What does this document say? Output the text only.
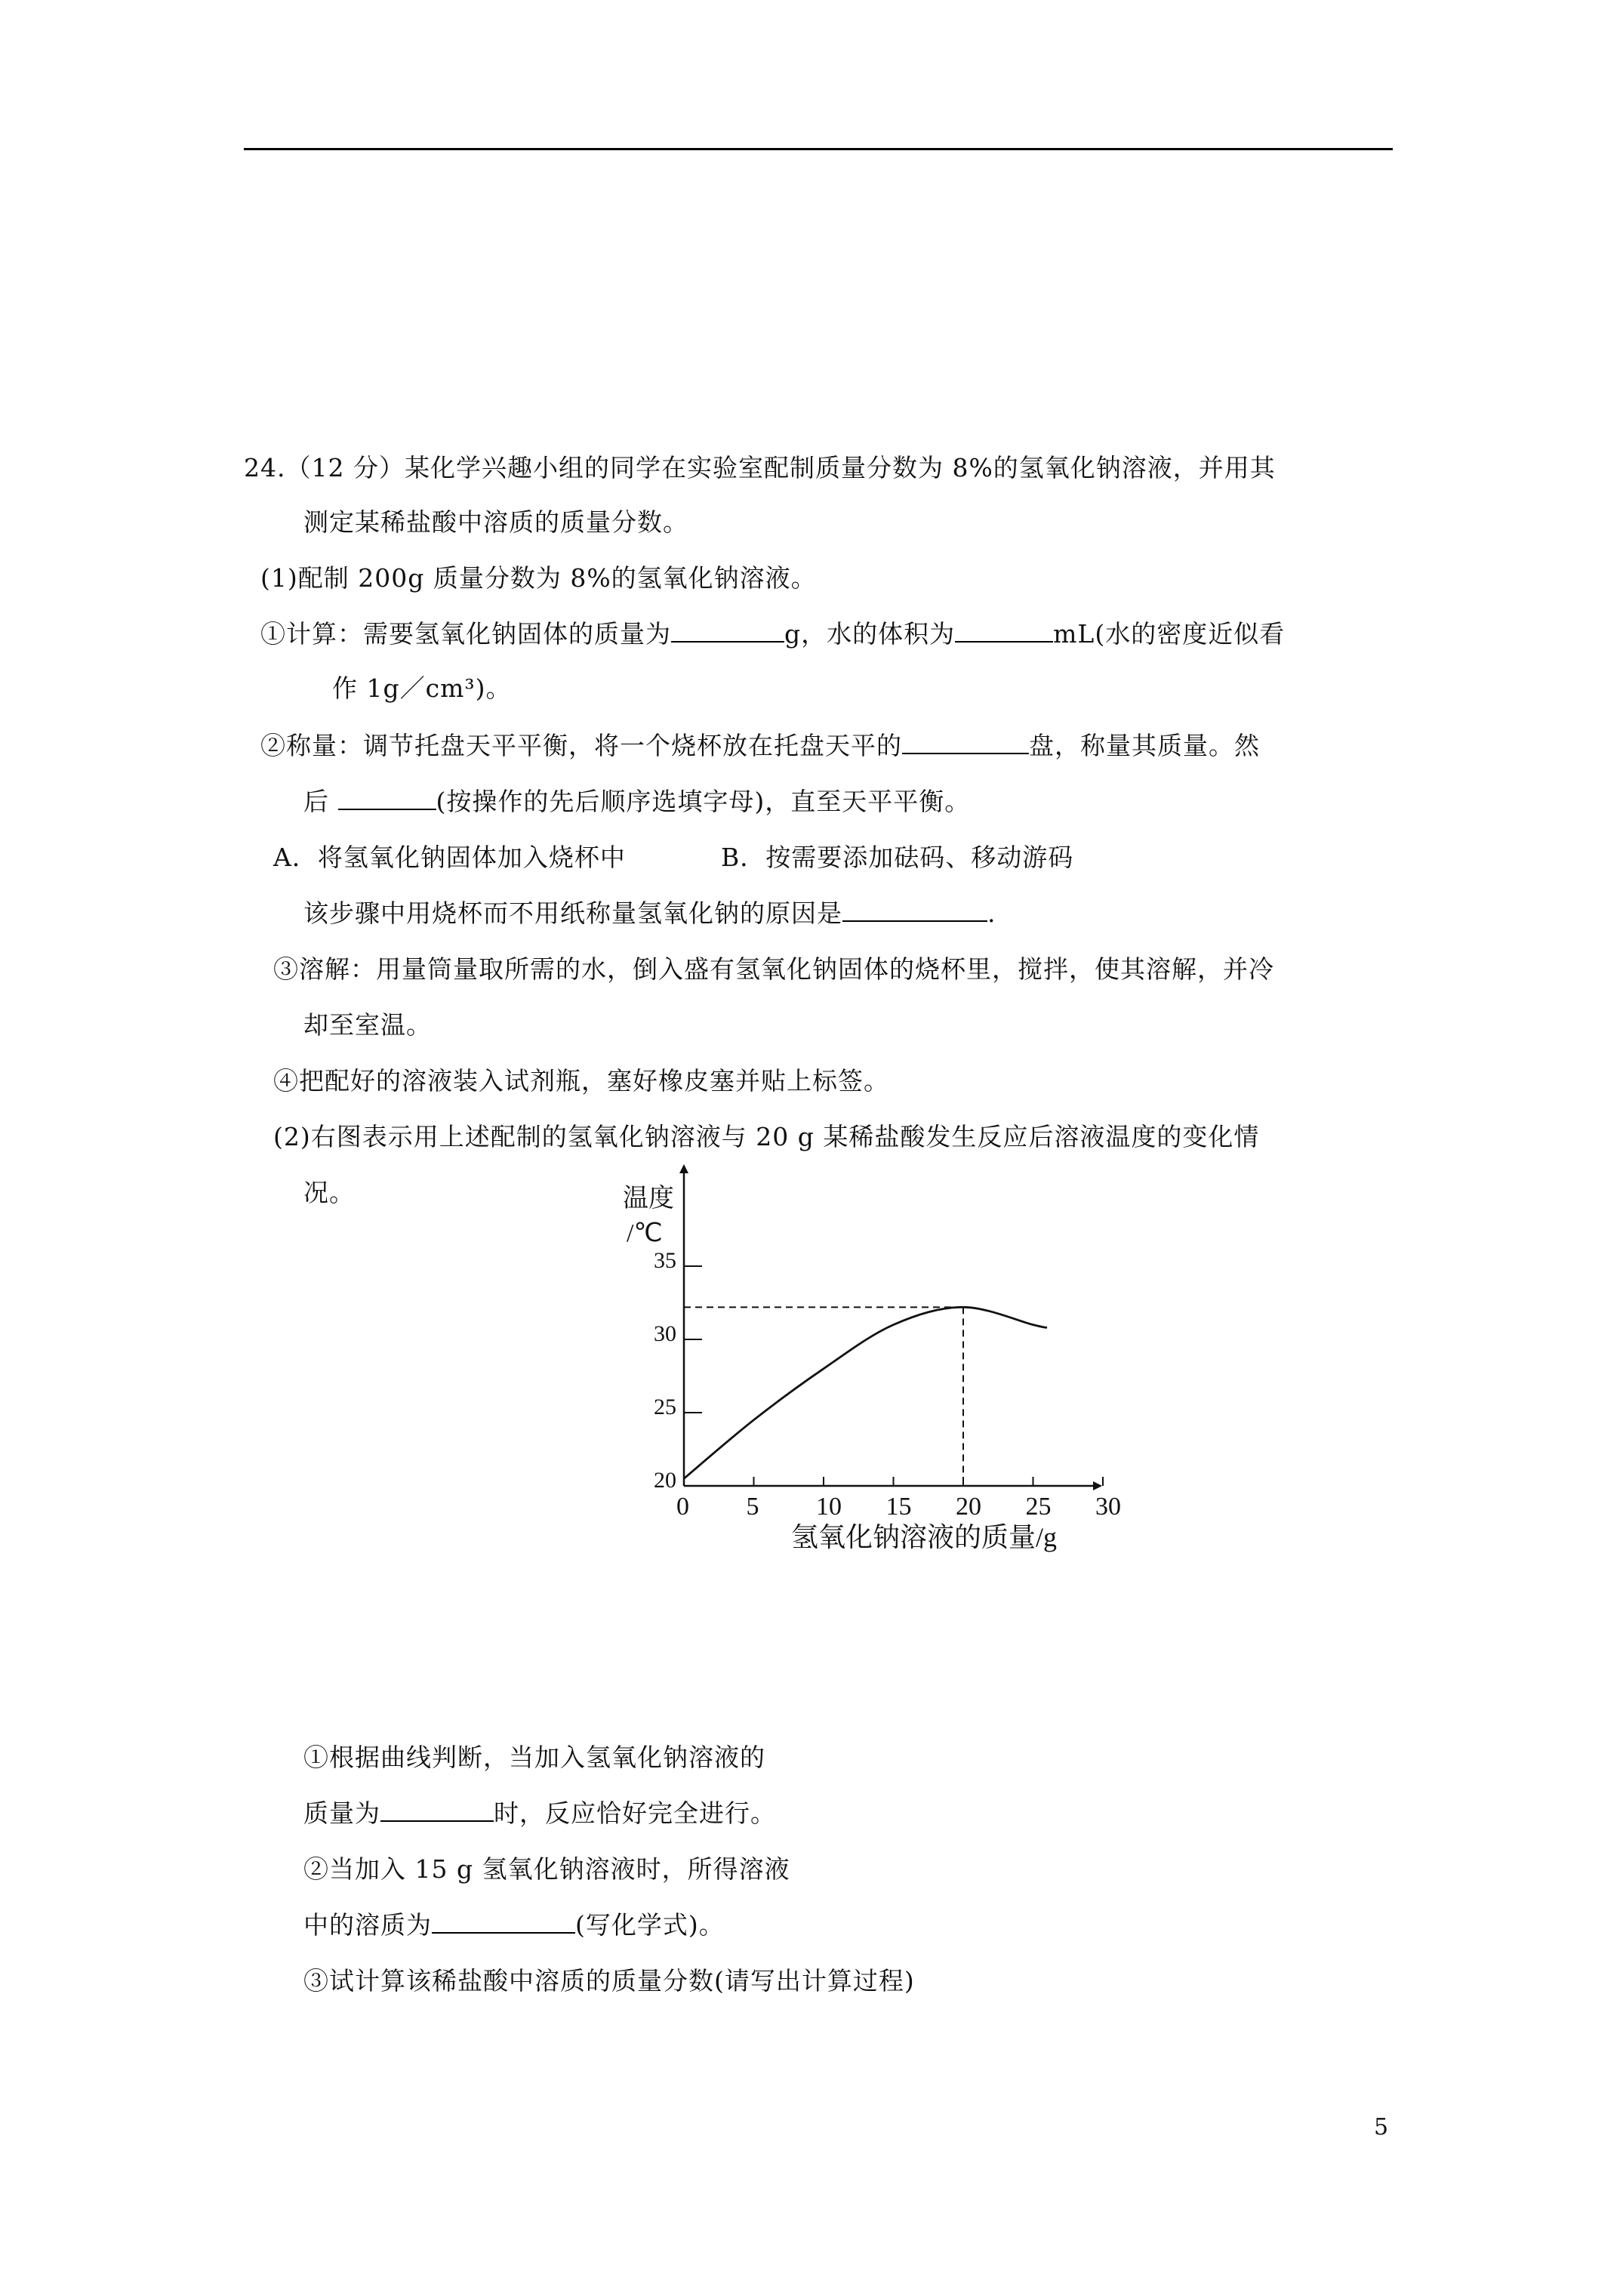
24.（12 分）某化学兴趣小组的同学在实验室配制质量分数为 8%的氢氧化钠溶液，并用其
测定某稀盐酸中溶质的质量分数。
(1)配制 200g 质量分数为 8%的氢氧化钠溶液。
①计算：需要氢氧化钠固体的质量为	g，水的体积为	mL(水的密度近似看
作 1g／cm³)。
②称量：调节托盘天平平衡，将一个烧杯放在托盘天平的	盘，称量其质量。然
后	(按操作的先后顺序选填字母)，直至天平平衡。
A．将氢氧化钠固体加入烧杯中	B．按需要添加砝码、移动游码
该步骤中用烧杯而不用纸称量氢氧化钠的原因是	.
③溶解：用量筒量取所需的水，倒入盛有氢氧化钠固体的烧杯里，搅拌，使其溶解，并冷
却至室温。
④把配好的溶液装入试剂瓶，塞好橡皮塞并贴上标签。
(2)右图表示用上述配制的氢氧化钠溶液与 20 g 某稀盐酸发生反应后溶液温度的变化情
况。	温度
/℃
0 5 10 15 20 25 30
20
25
30
35
氢氧化钠溶液的质量/g
①根据曲线判断，当加入氢氧化钠溶液的
质量为	时，反应恰好完全进行。
②当加入 15 g 氢氧化钠溶液时，所得溶液
中的溶质为	(写化学式)。
③试计算该稀盐酸中溶质的质量分数(请写出计算过程)
5
